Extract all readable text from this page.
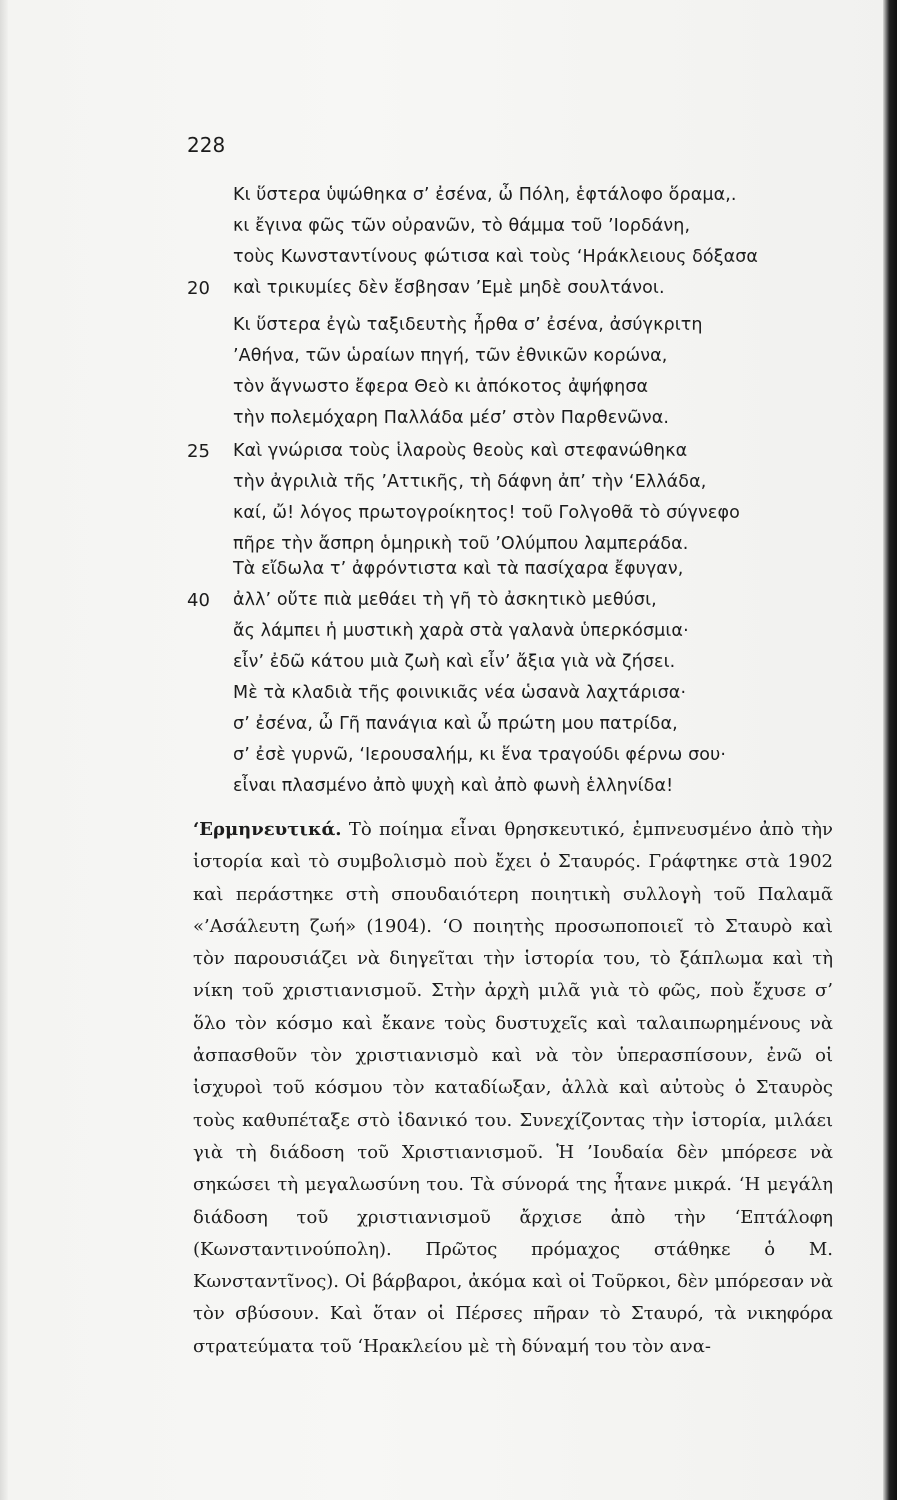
228

Κι ὕστερα ὑψώθηκα σ’ ἐσένα, ὦ Πόλη, ἑφτάλοφο ὅραμα,.
κι ἔγινα φῶς τῶν οὐρανῶν, τὸ θάμμα τοῦ ’Ιορδάνη,
τοὺς Κωνσταντίνους φώτισα καὶ τοὺς ‘Ηράκλειους δόξασα
20 καὶ τρικυμίες δὲν ἔσβησαν ’Εμὲ μηδὲ σουλτάνοι.
Κι ὕστερα ἐγὼ ταξιδευτὴς ἦρθα σ’ ἐσένα, ἀσύγκριτη
’Αθήνα, τῶν ὡραίων πηγή, τῶν ἐθνικῶν κορώνα,
τὸν ἄγνωστο ἔφερα Θεὸ κι ἀπόκοτος ἀψήφησα
τὴν πολεμόχαρη Παλλάδα μέσ’ στὸν Παρθενῶνα.
25 Καὶ γνώρισα τοὺς ἱλαροὺς θεοὺς καὶ στεφανώθηκα
τὴν ἀγριλιὰ τῆς ’Αττικῆς, τὴ δάφνη ἀπ’ τὴν ‘Ελλάδα,
καί, ὤ! λόγος πρωτογροίκητος! τοῦ Γολγοθᾶ τὸ σύγνεφο
πῆρε τὴν ἄσπρη ὁμηρικὴ τοῦ ’Ολύμπου λαμπεράδα.
Τὰ εἴδωλα τ’ ἀφρόντιστα καὶ τὰ πασίχαρα ἔφυγαν,
40 ἀλλ’ οὔτε πιὰ μεθάει τὴ γῆ τὸ ἀσκητικὸ μεθύσι,
ἄς λάμπει ἡ μυστικὴ χαρὰ στὰ γαλανὰ ὑπερκόσμια·
εἶν’ ἐδῶ κάτου μιὰ ζωὴ καὶ εἶν’ ἄξια γιὰ νὰ ζήσει.
Μὲ τὰ κλαδιὰ τῆς φοινικιᾶς νέα ὡσανὰ λαχτάρισα·
σ’ ἐσένα, ὦ Γῆ πανάγια καὶ ὦ πρώτη μου πατρίδα,
σ’ ἐσὲ γυρνῶ, ‘Ιερουσαλήμ, κι ἕνα τραγούδι φέρνω σου·
εἶναι πλασμένο ἀπὸ ψυχὴ καὶ ἀπὸ φωνὴ ἑλληνίδα!

‘Ερμηνευτικά. Τὸ ποίημα εἶναι θρησκευτικό, ἐμπνευσμένο ἀπὸ τὴν ἱστορία καὶ τὸ συμβολισμὸ ποὺ ἔχει ὁ Σταυρός. Γράφτηκε στὰ 1902 καὶ περάστηκε στὴ σπουδαιότερη ποιητικὴ συλλογὴ τοῦ Παλαμᾶ «’Ασάλευτη ζωή» (1904). ‘Ο ποιητὴς προσωποποιεῖ τὸ Σταυρὸ καὶ τὸν παρουσιάζει νὰ διηγεῖται τὴν ἱστορία του, τὸ ξάπλωμα καὶ τὴ νίκη τοῦ χριστιανισμοῦ. Στὴν ἀρχὴ μιλᾶ γιὰ τὸ φῶς, ποὺ ἔχυσε σ’ ὅλο τὸν κόσμο καὶ ἔκανε τοὺς δυστυχεῖς καὶ ταλαιπωρημένους νὰ ἀσπασθοῦν τὸν χριστιανισμὸ καὶ νὰ τὸν ὑπερασπίσουν, ἐνῶ οἱ ἰσχυροὶ τοῦ κόσμου τὸν καταδίωξαν, ἀλλὰ καὶ αὐτοὺς ὁ Σταυρὸς τοὺς καθυπέταξε στὸ ἰδανικό του. Συνεχίζοντας τὴν ἱστορία, μιλάει γιὰ τὴ διάδοση τοῦ Χριστιανισμοῦ. Ἡ ’Ιουδαία δὲν μπόρεσε νὰ σηκώσει τὴ μεγαλωσύνη του. Τὰ σύνορά της ἦτανε μικρά. ‘Η μεγάλη διάδοση τοῦ χριστιανισμοῦ ἄρχισε ἀπὸ τὴν ‘Επτάλοφη (Κωνσταντινούπολη). Πρῶτος πρόμαχος στάθηκε ὁ Μ. Κωνσταντῖνος). Οἱ βάρβαροι, ἀκόμα καὶ οἱ Τοῦρκοι, δὲν μπόρεσαν νὰ τὸν σβύσουν. Καὶ ὅταν οἱ Πέρσες πῆραν τὸ Σταυρό, τὰ νικηφόρα στρατεύματα τοῦ ‘Ηρακλείου μὲ τὴ δύναμή του τὸν ανα-
